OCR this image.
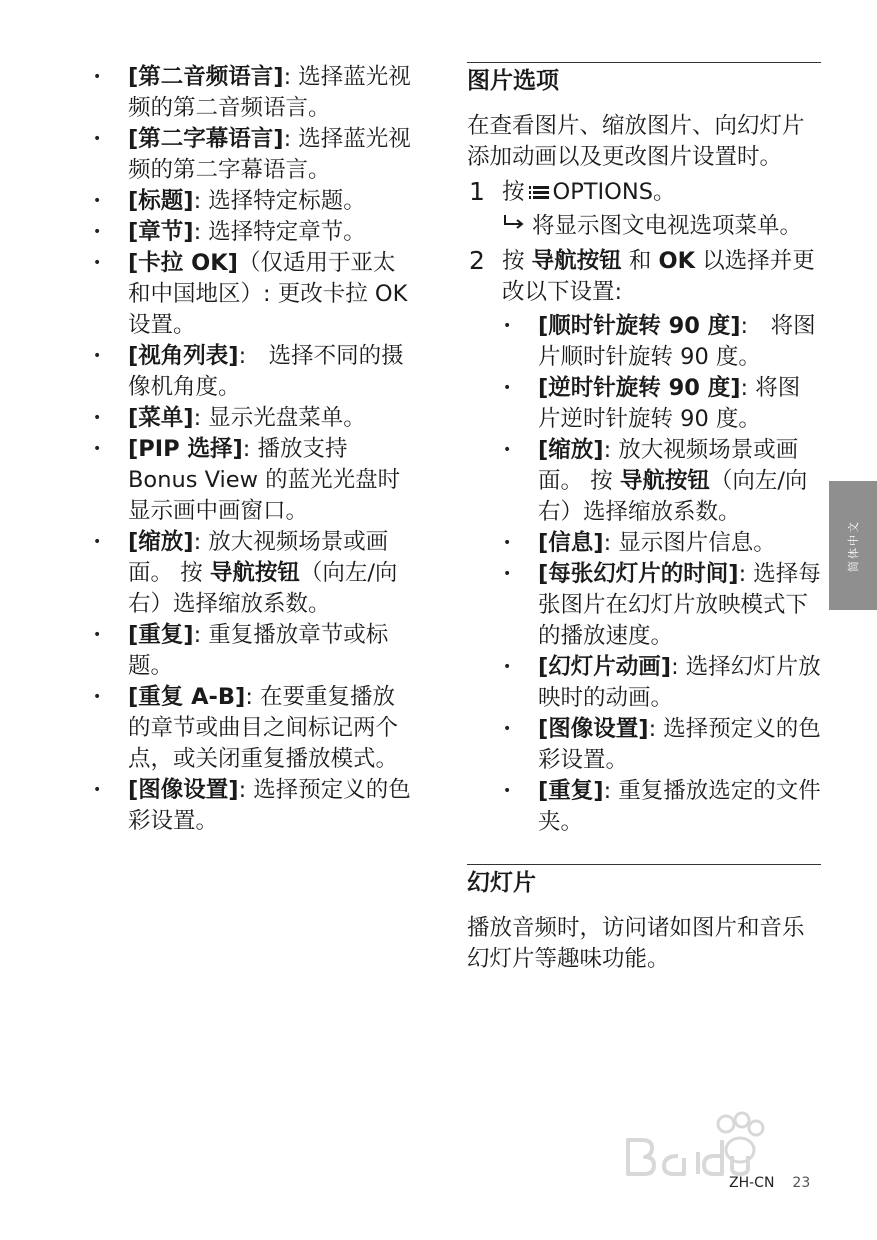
• [第二音频语言]: 选择蓝光视频的第二音频语言。
• [第二字幕语言]: 选择蓝光视频的第二字幕语言。
• [标题]: 选择特定标题。
• [章节]: 选择特定章节。
• [卡拉 OK]（仅适用于亚太和中国地区）: 更改卡拉 OK 设置。
• [视角列表]:　选择不同的摄像机角度。
• [菜单]: 显示光盘菜单。
• [PIP 选择]: 播放支持 Bonus View 的蓝光光盘时显示画中画窗口。
• [缩放]: 放大视频场景或画面。 按 导航按钮（向左/向右）选择缩放系数。
• [重复]: 重复播放章节或标题。
• [重复 A-B]: 在要重复播放的章节或曲目之间标记两个点，或关闭重复播放模式。
• [图像设置]: 选择预定义的色彩设置。
图片选项

在查看图片、缩放图片、向幻灯片添加动画以及更改图片设置时。

1 按 OPTIONS。
将显示图文电视选项菜单。
2 按 导航按钮 和 OK 以选择并更改以下设置:
• [顺时针旋转 90 度]:　将图片顺时针旋转 90 度。
• [逆时针旋转 90 度]: 将图片逆时针旋转 90 度。
• [缩放]: 放大视频场景或画面。 按 导航按钮（向左/向右）选择缩放系数。
• [信息]: 显示图片信息。
• [每张幻灯片的时间]: 选择每张图片在幻灯片放映模式下的播放速度。
• [幻灯片动画]: 选择幻灯片放映时的动画。
• [图像设置]: 选择预定义的色彩设置。
• [重复]: 重复播放选定的文件夹。
幻灯片

播放音频时，访问诸如图片和音乐幻灯片等趣味功能。

简体中文
ZH-CN 23
